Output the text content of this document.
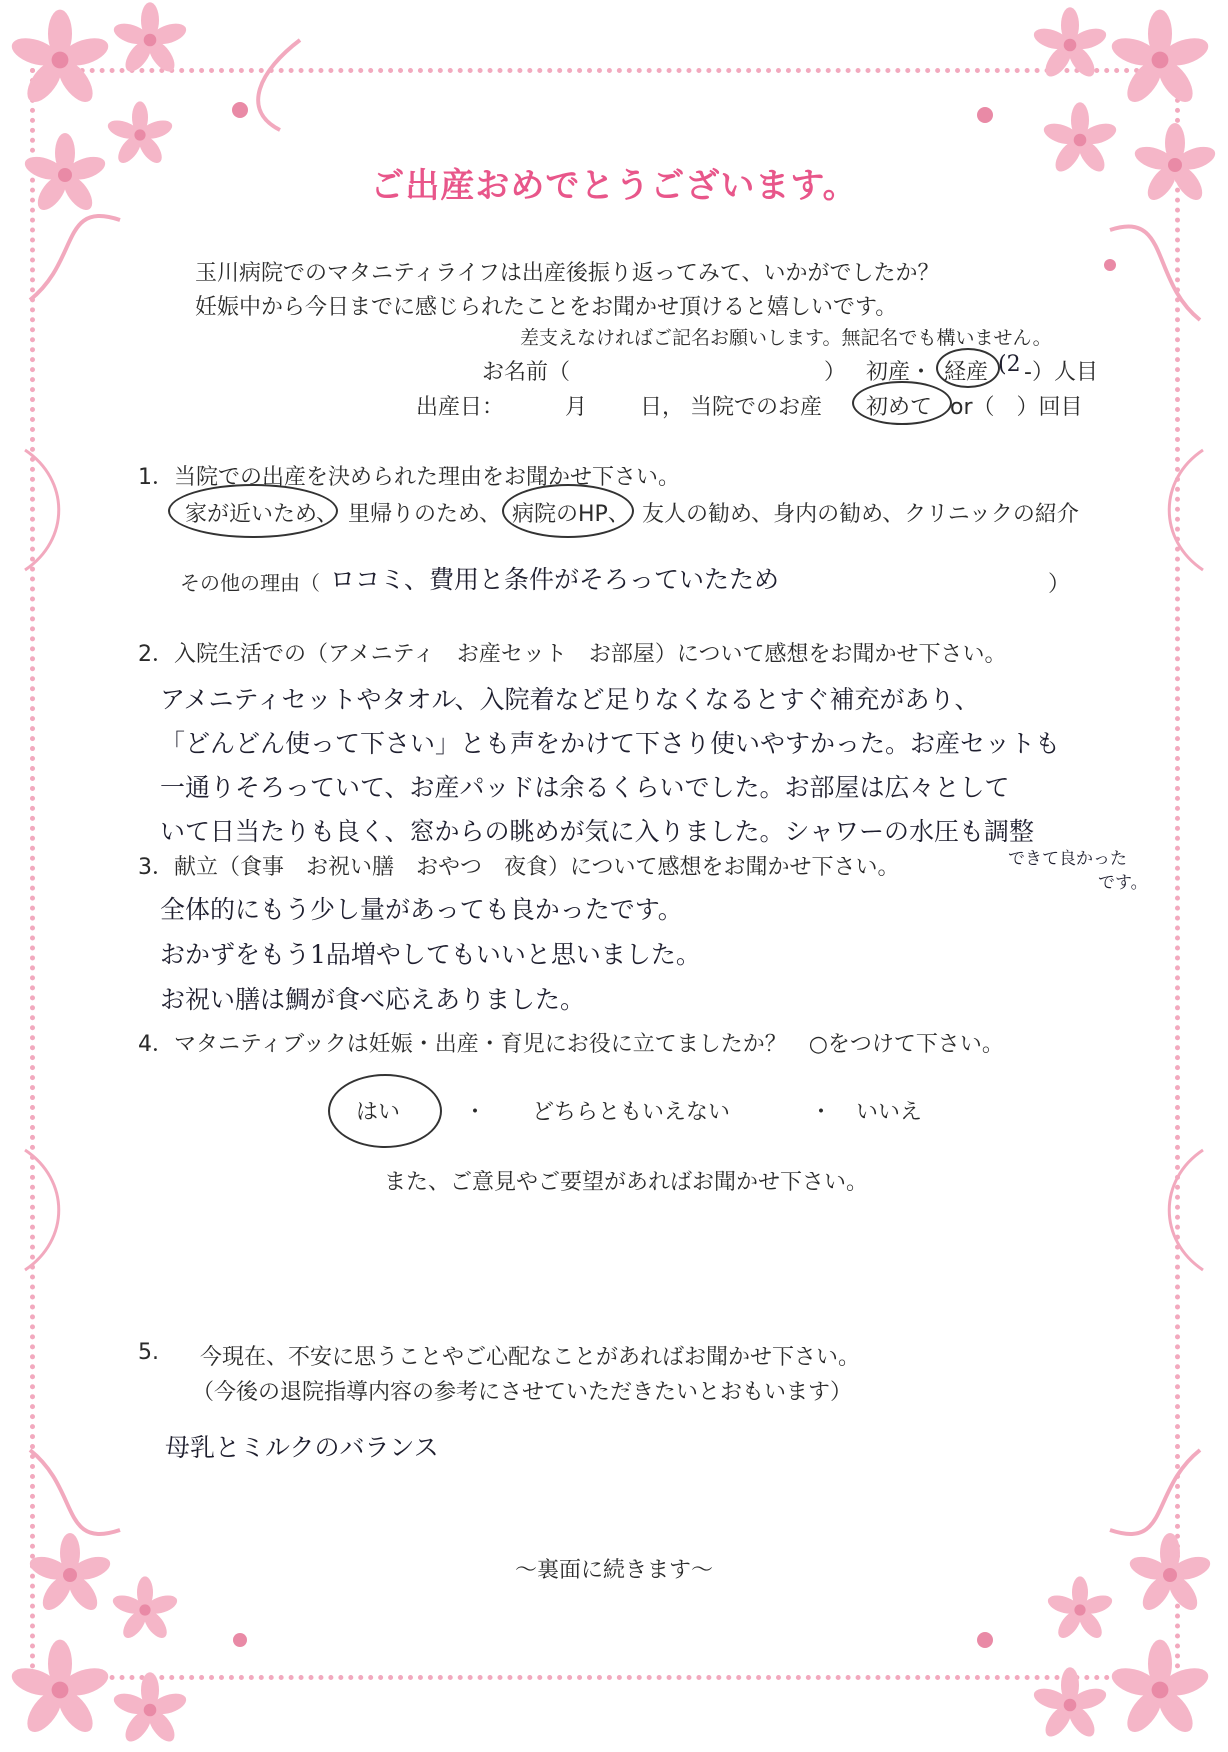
ご出産おめでとうございます。
玉川病院でのマタニティライフは出産後振り返ってみて、いかがでしたか？
妊娠中から今日までに感じられたことをお聞かせ頂けると嬉しいです。
差支えなければご記名お願いします。無記名でも構いません。
お名前（	） 初産・ 経産 (2 -）人目
出産日：	月 日， 当院でのお産 初めて or（　）回目
1．当院での出産を決められた理由をお聞かせ下さい。
家が近いため、 里帰りのため、 病院のHP、 友人の勧め、身内の勧め、クリニックの紹介
その他の理由（ ロコミ、費用と条件がそろっていたため	）
2．入院生活での（アメニティ　お産セット　お部屋）について感想をお聞かせ下さい。
アメニティセットやタオル、入院着など足りなくなるとすぐ補充があり、
「どんどん使って下さい」とも声をかけて下さり使いやすかった。お産セットも
一通りそろっていて、お産パッドは余るくらいでした。お部屋は広々として
いて日当たりも良く、窓からの眺めが気に入りました。シャワーの水圧も調整
できて良かった
です。
3．献立（食事　お祝い膳　おやつ　夜食）について感想をお聞かせ下さい。
全体的にもう少し量があっても良かったです。
おかずをもう1品増やしてもいいと思いました。
お祝い膳は鯛が食べ応えありました。
4．マタニティブックは妊娠・出産・育児にお役に立てましたか？　○をつけて下さい。
はい	・ どちらともいえない	・ いいえ
また、ご意見やご要望があればお聞かせ下さい。
5. 今現在、不安に思うことやご心配なことがあればお聞かせ下さい。
（今後の退院指導内容の参考にさせていただきたいとおもいます）
母乳とミルクのバランス
～裏面に続きます～
